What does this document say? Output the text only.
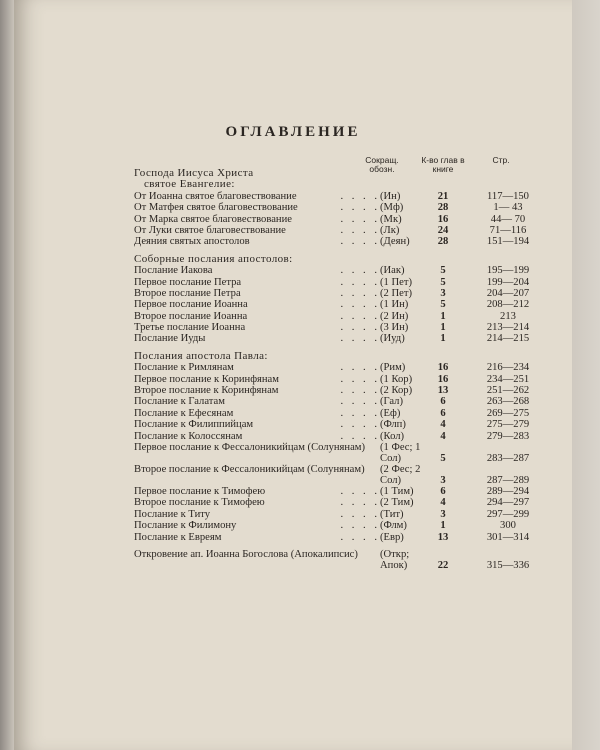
ОГЛАВЛЕНИЕ
Сокращ. обозн.
К-во глав в книге
Стр.
Господа Иисуса Христа
святое Евангелие:
От Иоанна святое благовествование	. . . . (Ин)	21	117—150
От Матфея святое благовествование	. . . . (Мф)	28	1— 43
От Марка святое благовествование	. . . . (Мк)	16	44— 70
От Луки святое благовествование	. . . . (Лк)	24	71—116
Деяния святых апостолов	. . . . (Деян)	28	151—194
Соборные послания апостолов:
Послание Иакова	. . . . (Иак)	5	195—199
Первое послание Петра	. . . . (1 Пет)	5	199—204
Второе послание Петра	. . . . (2 Пет)	3	204—207
Первое послание Иоанна	. . . . (1 Ин)	5	208—212
Второе послание Иоанна	. . . . (2 Ин)	1	213
Третье послание Иоанна	. . . . (3 Ин)	1	213—214
Послание Иуды	. . . . (Иуд)	1	214—215
Послания апостола Павла:
Послание к Римлянам	. . . . (Рим)	16	216—234
Первое послание к Коринфянам	. . . . (1 Кор)	16	234—251
Второе послание к Коринфянам	. . . . (2 Кор)	13	251—262
Послание к Галатам	. . . . (Гал)	6	263—268
Послание к Ефесянам	. . . . (Еф)	6	269—275
Послание к Филиппийцам	. . . . (Флп)	4	275—279
Послание к Колоссянам	. . . . (Кол)	4	279—283
Первое послание к Фессалоникийцам (Солунянам) (1 Фес; 1 Сол)	5	283—287
Второе послание к Фессалоникийцам (Солунянам)	(2 Фес; 2 Сол)	3	287—289
Первое послание к Тимофею	. . . . (1 Тим)	6	289—294
Второе послание к Тимофею	. . . . (2 Тим)	4	294—297
Послание к Титу	. . . . (Тит)	3	297—299
Послание к Филимону	. . . . (Флм)	1	300
Послание к Евреям	. . . . (Евр)	13	301—314
Откровение ап. Иоанна Богослова (Апокалипсис)	(Откр; Апок)	22	315—336
